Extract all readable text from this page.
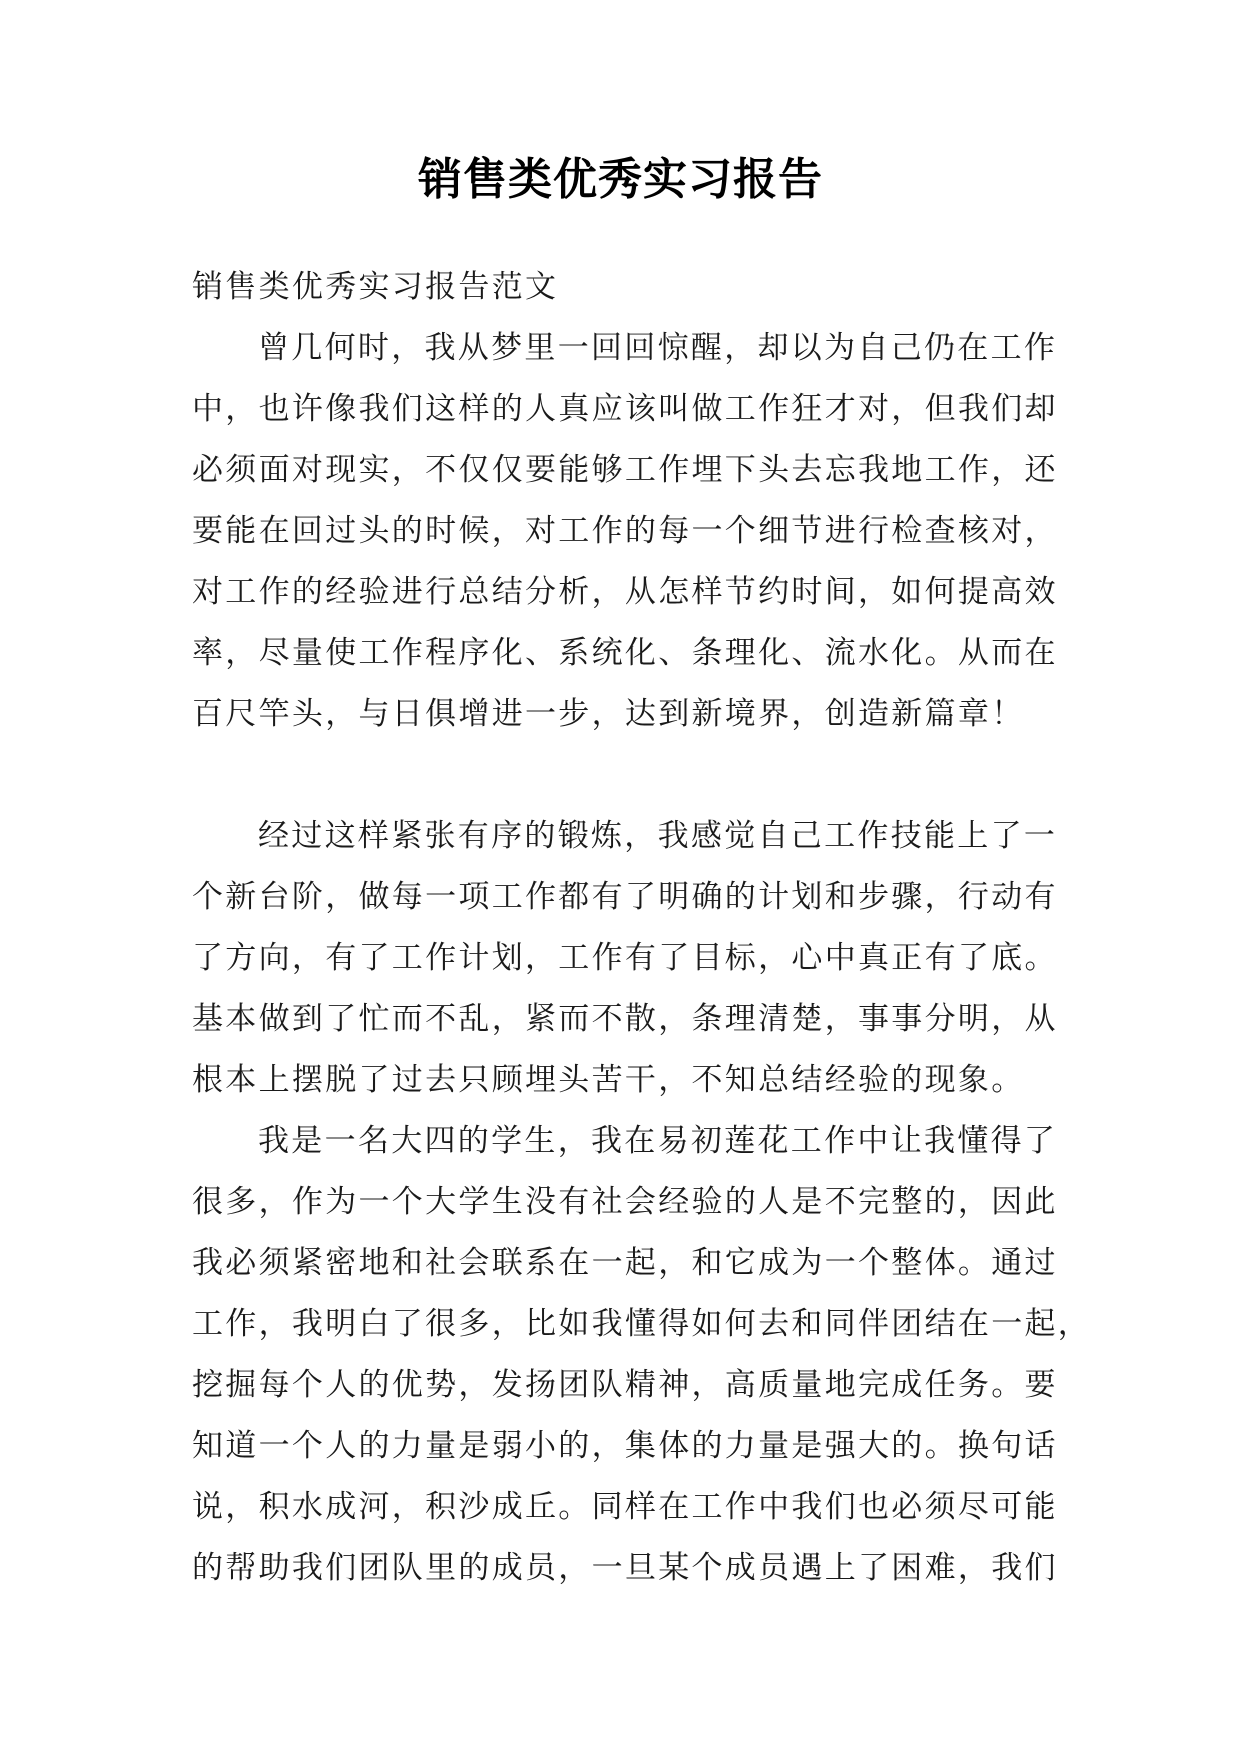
销售类优秀实习报告
销售类优秀实习报告范文
曾几何时，我从梦里一回回惊醒，却以为自己仍在工作
中，也许像我们这样的人真应该叫做工作狂才对，但我们却
必须面对现实，不仅仅要能够工作埋下头去忘我地工作，还
要能在回过头的时候，对工作的每一个细节进行检查核对，
对工作的经验进行总结分析，从怎样节约时间，如何提高效
率，尽量使工作程序化、系统化、条理化、流水化。从而在
百尺竿头，与日俱增进一步，达到新境界，创造新篇章！
经过这样紧张有序的锻炼，我感觉自己工作技能上了一
个新台阶，做每一项工作都有了明确的计划和步骤，行动有
了方向，有了工作计划，工作有了目标，心中真正有了底。
基本做到了忙而不乱，紧而不散，条理清楚，事事分明，从
根本上摆脱了过去只顾埋头苦干，不知总结经验的现象。
我是一名大四的学生，我在易初莲花工作中让我懂得了
很多，作为一个大学生没有社会经验的人是不完整的，因此
我必须紧密地和社会联系在一起，和它成为一个整体。通过
工作，我明白了很多，比如我懂得如何去和同伴团结在一起，
挖掘每个人的优势，发扬团队精神，高质量地完成任务。要
知道一个人的力量是弱小的，集体的力量是强大的。换句话
说，积水成河，积沙成丘。同样在工作中我们也必须尽可能
的帮助我们团队里的成员，一旦某个成员遇上了困难，我们
